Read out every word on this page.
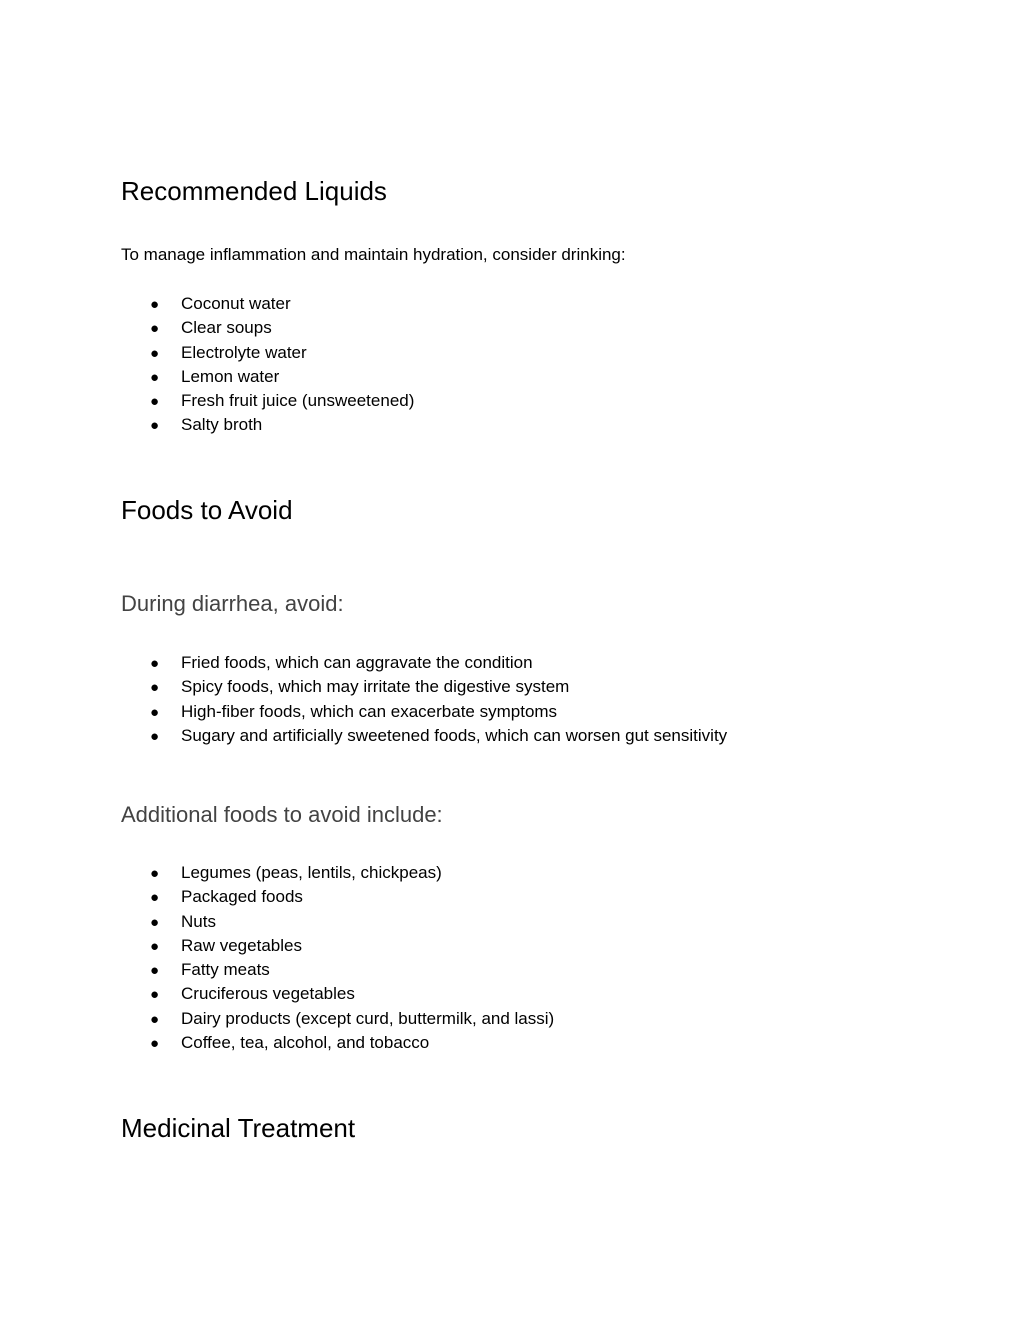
Recommended Liquids
To manage inflammation and maintain hydration, consider drinking:
● Coconut water
● Clear soups
● Electrolyte water
● Lemon water
● Fresh fruit juice (unsweetened)
● Salty broth
Foods to Avoid
During diarrhea, avoid:
● Fried foods, which can aggravate the condition
● Spicy foods, which may irritate the digestive system
● High-fiber foods, which can exacerbate symptoms
● Sugary and artificially sweetened foods, which can worsen gut sensitivity
Additional foods to avoid include:
● Legumes (peas, lentils, chickpeas)
● Packaged foods
● Nuts
● Raw vegetables
● Fatty meats
● Cruciferous vegetables
● Dairy products (except curd, buttermilk, and lassi)
● Coffee, tea, alcohol, and tobacco
Medicinal Treatment
